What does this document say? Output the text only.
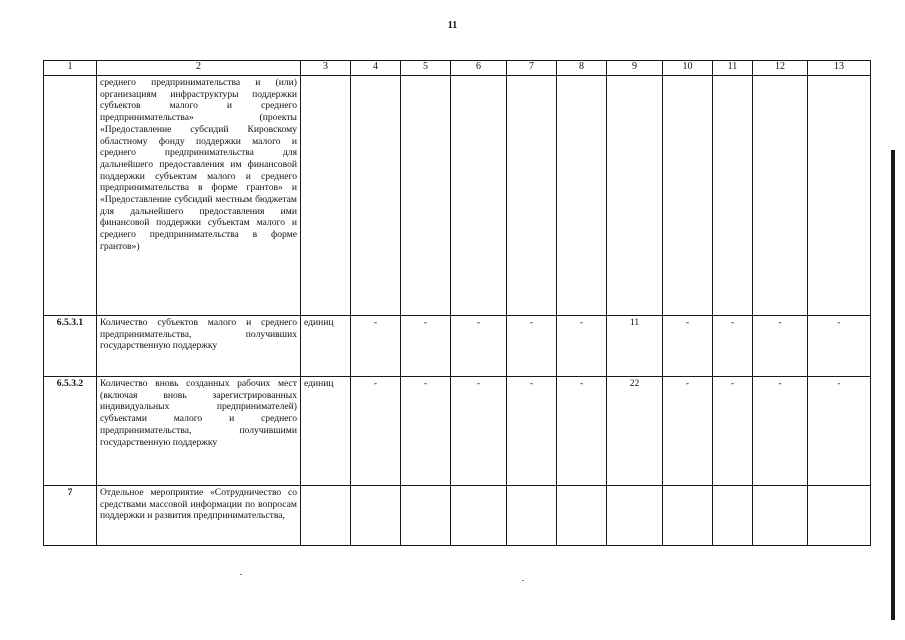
11
1	2	3	4	5	6	7	8	9	10	11	12	13
	среднего предпринимательства и (или) организациям инфраструктуры поддержки субъектов малого и среднего предпринимательства» (проекты «Предоставление субсидий Кировскому областному фонду поддержки малого и среднего предпринимательства для дальнейшего предоставления им финансовой поддержки субъектам малого и среднего предпринимательства в форме грантов» и «Предоставление субсидий местным бюджетам для дальнейшего предоставления ими финансовой поддержки субъектам малого и среднего предпринимательства в форме грантов»)											
6.5.3.1	Количество субъектов малого и среднего предпринимательства, получивших государственную поддержку	единиц	-	-	-	-	-	11	-	-	-	-
6.5.3.2	Количество вновь созданных рабочих мест (включая вновь зарегистрированных индивидуальных предпринимателей) субъектами малого и среднего предпринимательства, получившими государственную поддержку	единиц	-	-	-	-	-	22	-	-	-	-
7	Отдельное мероприятие «Сотрудничество со средствами массовой информации по вопросам поддержки и развития предпринимательства,											
